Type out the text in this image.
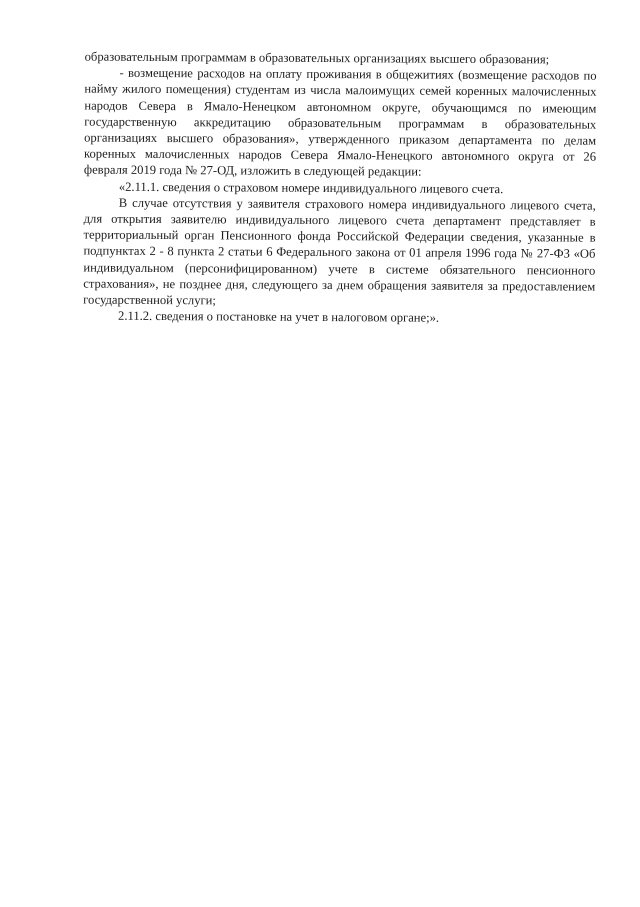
образовательным программам в образовательных организациях высшего образования;

- возмещение расходов на оплату проживания в общежитиях (возмещение расходов по найму жилого помещения) студентам из числа малоимущих семей коренных малочисленных народов Севера в Ямало-Ненецком автономном округе, обучающимся по имеющим государственную аккредитацию образовательным программам в образовательных организациях высшего образования», утвержденного приказом департамента по делам коренных малочисленных народов Севера Ямало-Ненецкого автономного округа от 26 февраля 2019 года № 27-ОД, изложить в следующей редакции:

«2.11.1. сведения о страховом номере индивидуального лицевого счета.

В случае отсутствия у заявителя страхового номера индивидуального лицевого счета, для открытия заявителю индивидуального лицевого счета департамент представляет в территориальный орган Пенсионного фонда Российской Федерации сведения, указанные в подпунктах 2 - 8 пункта 2 статьи 6 Федерального закона от 01 апреля 1996 года № 27-ФЗ «Об индивидуальном (персонифицированном) учете в системе обязательного пенсионного страхования», не позднее дня, следующего за днем обращения заявителя за предоставлением государственной услуги;

2.11.2. сведения о постановке на учет в налоговом органе;».
